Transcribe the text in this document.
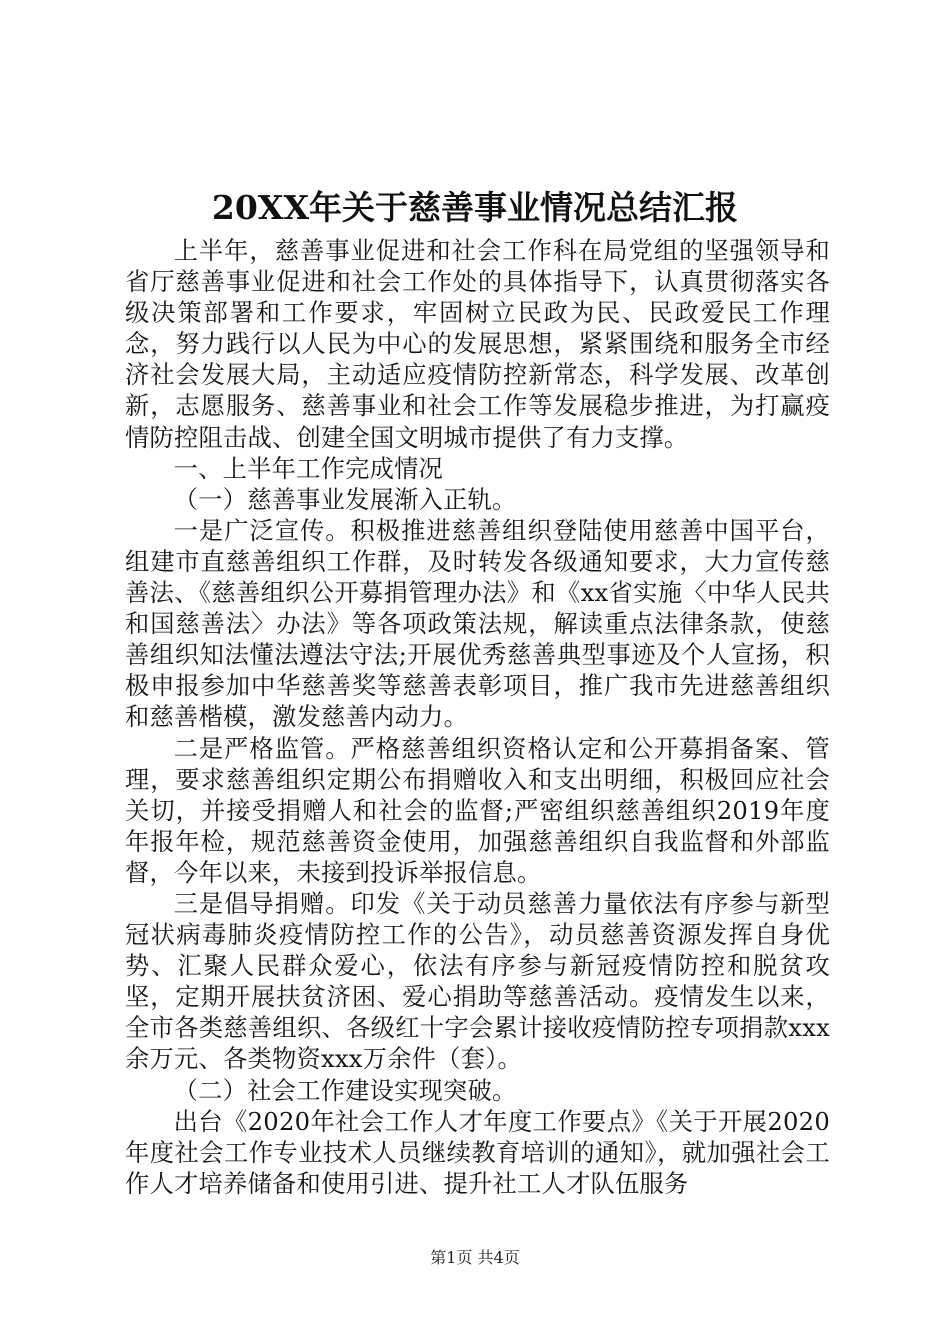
20XX年关于慈善事业情况总结汇报

上半年，慈善事业促进和社会工作科在局党组的坚强领导和省厅慈善事业促进和社会工作处的具体指导下，认真贯彻落实各级决策部署和工作要求，牢固树立民政为民、民政爱民工作理念，努力践行以人民为中心的发展思想，紧紧围绕和服务全市经济社会发展大局，主动适应疫情防控新常态，科学发展、改革创新，志愿服务、慈善事业和社会工作等发展稳步推进，为打赢疫情防控阻击战、创建全国文明城市提供了有力支撑。

一、上半年工作完成情况

（一）慈善事业发展渐入正轨。

一是广泛宣传。积极推进慈善组织登陆使用慈善中国平台，组建市直慈善组织工作群，及时转发各级通知要求，大力宣传慈善法、《慈善组织公开募捐管理办法》和《xx省实施〈中华人民共和国慈善法〉办法》等各项政策法规，解读重点法律条款，使慈善组织知法懂法遵法守法;开展优秀慈善典型事迹及个人宣扬，积极申报参加中华慈善奖等慈善表彰项目，推广我市先进慈善组织和慈善楷模，激发慈善内动力。

二是严格监管。严格慈善组织资格认定和公开募捐备案、管理，要求慈善组织定期公布捐赠收入和支出明细，积极回应社会关切，并接受捐赠人和社会的监督;严密组织慈善组织2019年度年报年检，规范慈善资金使用，加强慈善组织自我监督和外部监督，今年以来，未接到投诉举报信息。

三是倡导捐赠。印发《关于动员慈善力量依法有序参与新型冠状病毒肺炎疫情防控工作的公告》，动员慈善资源发挥自身优势、汇聚人民群众爱心，依法有序参与新冠疫情防控和脱贫攻坚，定期开展扶贫济困、爱心捐助等慈善活动。疫情发生以来，全市各类慈善组织、各级红十字会累计接收疫情防控专项捐款xxx余万元、各类物资xxx万余件（套）。

（二）社会工作建设实现突破。

出台《2020年社会工作人才年度工作要点》《关于开展2020年度社会工作专业技术人员继续教育培训的通知》，就加强社会工作人才培养储备和使用引进、提升社工人才队伍服务

第1页 共4页
